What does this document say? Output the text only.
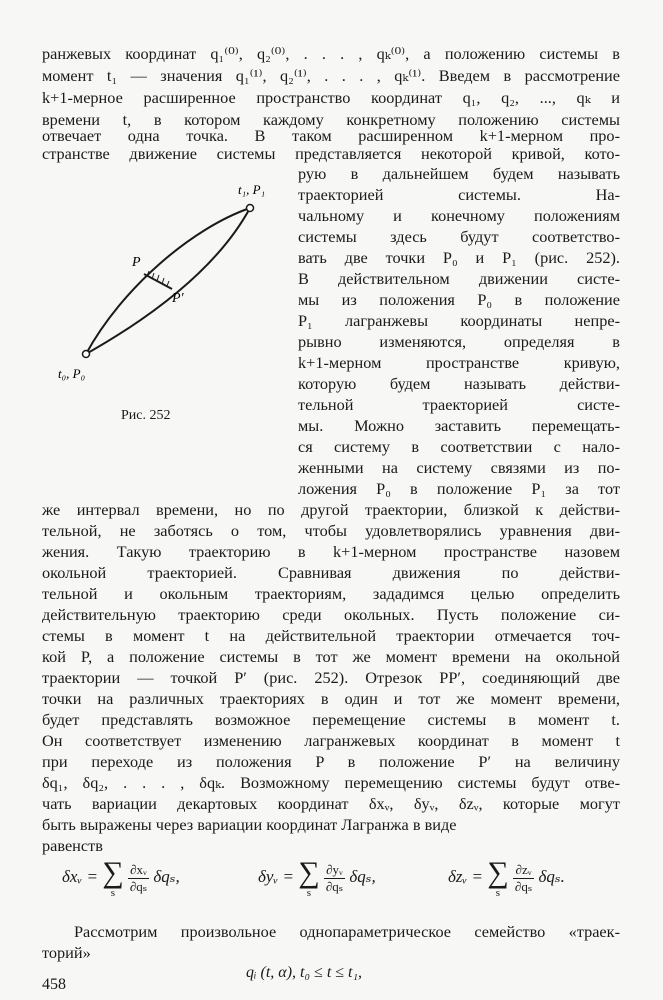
ранжевых координат q₁⁽⁰⁾, q₂⁽⁰⁾, . . . , qₖ⁽⁰⁾, а положению системы в
момент t₁ — значения q₁⁽¹⁾, q₂⁽¹⁾, . . . , qₖ⁽¹⁾. Введем в рассмотрение
k+1-мерное расширенное пространство координат q₁, q₂, ..., qₖ и
времени t, в котором каждому конкретному положению системы
отвечает одна точка. В таком расширенном k+1-мерном про-
странстве движение системы представляется некоторой кривой, кото-
t₁, P₁
t₀, P₀
P
P′
Рис. 252
рую в дальнейшем будем называть
траекторией системы. На-
чальному и конечному положениям
системы здесь будут соответство-
вать две точки P₀ и P₁ (рис. 252).
В действительном движении систе-
мы из положения P₀ в положение
P₁ лагранжевы координаты непре-
рывно изменяются, определяя в
k+1-мерном пространстве кривую,
которую будем называть действи-
тельной траекторией систе-
мы. Можно заставить перемещать-
ся систему в соответствии с нало-
женными на систему связями из по-
ложения P₀ в положение P₁ за тот
же интервал времени, но по другой траектории, близкой к действи-
тельной, не заботясь о том, чтобы удовлетворялись уравнения дви-
жения. Такую траекторию в k+1-мерном пространстве назовем
окольной траекторией. Сравнивая движения по действи-
тельной и окольным траекториям, зададимся целью определить
действительную траекторию среди окольных. Пусть положение си-
стемы в момент t на действительной траектории отмечается точ-
кой P, а положение системы в тот же момент времени на окольной
траектории — точкой P′ (рис. 252). Отрезок PP′, соединяющий две
точки на различных траекториях в один и тот же момент времени,
будет представлять возможное перемещение системы в момент t.
Он соответствует изменению лагранжевых координат в момент t
при переходе из положения P в положение P′ на величину
δq₁, δq₂, . . . , δqₖ. Возможному перемещению системы будут отве-
чать вариации декартовых координат δxᵥ, δyᵥ, δzᵥ, которые могут
быть выражены через вариации координат Лагранжа в виде
равенств
δxᵥ = ∑
s
$\frac{\text{∂xᵥ}}{\text{∂qₛ}} \delta q_s$,	δyᵥ = ∑
s
$\frac{\text{∂yᵥ}}{\text{∂qₛ}} \delta q_s$,	δzᵥ = ∑
s
$\frac{\text{∂zᵥ}}{\text{∂qₛ}} \delta q_s$.
Рассмотрим произвольное однопараметрическое семейство «траек-
торий»
qᵢ (t, α), t₀ ≤ t ≤ t₁,
458
